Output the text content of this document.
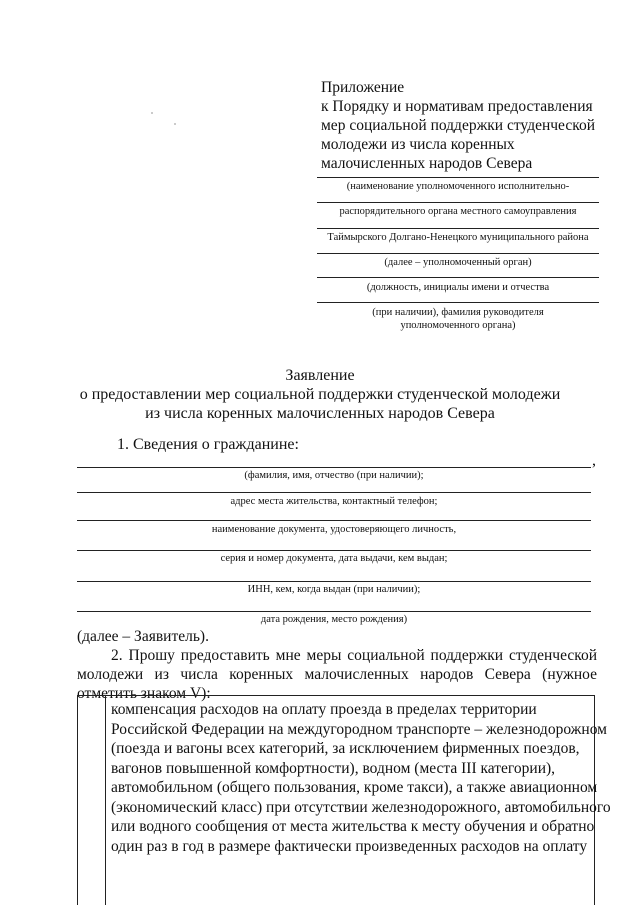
Приложение
к Порядку и нормативам предоставления
мер социальной поддержки студенческой
молодежи из числа коренных
малочисленных народов Севера
(наименование уполномоченного исполнительно-
распорядительного органа местного самоуправления
Таймырского Долгано-Ненецкого муниципального района
(далее – уполномоченный орган)
(должность, инициалы имени и отчества
(при наличии), фамилия руководителя
уполномоченного органа)
Заявление
о предоставлении мер социальной поддержки студенческой молодежи
из числа коренных малочисленных народов Севера
1. Сведения о гражданине:
,
(фамилия, имя, отчество (при наличии);
адрес места жительства, контактный телефон;
наименование документа, удостоверяющего личность,
серия и номер документа, дата выдачи, кем выдан;
ИНН, кем, когда выдан (при наличии);
дата рождения, место рождения)
(далее – Заявитель).
2. Прошу предоставить мне меры социальной поддержки студенческой
молодежи из числа коренных малочисленных народов Севера (нужное
отметить знаком V):
компенсация расходов на оплату проезда в пределах территории
Российской Федерации на междугородном транспорте – железнодорожном
(поезда и вагоны всех категорий, за исключением фирменных поездов,
вагонов повышенной комфортности), водном (места III категории),
автомобильном (общего пользования, кроме такси), а также авиационном
(экономический класс) при отсутствии железнодорожного, автомобильного
или водного сообщения от места жительства к месту обучения и обратно
один раз в год в размере фактически произведенных расходов на оплату
